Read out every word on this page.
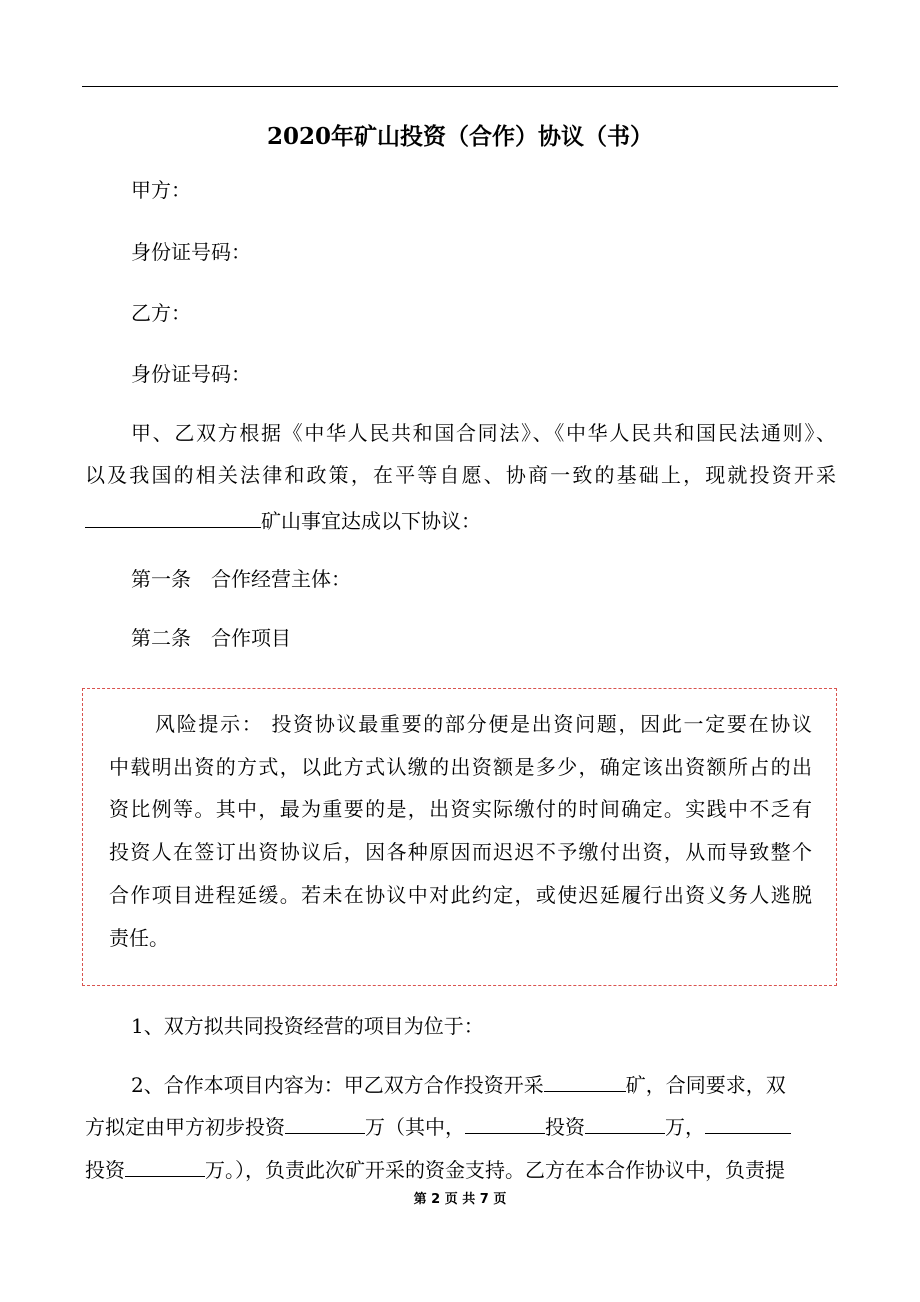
2020年矿山投资（合作）协议（书）
甲方：
身份证号码：
乙方：
身份证号码：
甲、乙双方根据《中华人民共和国合同法》、《中华人民共和国民法通则》、
以及我国的相关法律和政策，在平等自愿、协商一致的基础上，现就投资开采
矿山事宜达成以下协议：
第一条　合作经营主体：
第二条　合作项目
风险提示： 投资协议最重要的部分便是出资问题，因此一定要在协议
中载明出资的方式，以此方式认缴的出资额是多少，确定该出资额所占的出
资比例等。其中，最为重要的是，出资实际缴付的时间确定。实践中不乏有
投资人在签订出资协议后，因各种原因而迟迟不予缴付出资，从而导致整个
合作项目进程延缓。若未在协议中对此约定，或使迟延履行出资义务人逃脱
责任。
1、双方拟共同投资经营的项目为位于：
2、合作本项目内容为：甲乙双方合作投资开采	矿，合同要求，双
方拟定由甲方初步投资	万（其中，	投资	万，
投资	万。），负责此次矿开采的资金支持。乙方在本合作协议中，负责提
第 2 页 共 7 页
